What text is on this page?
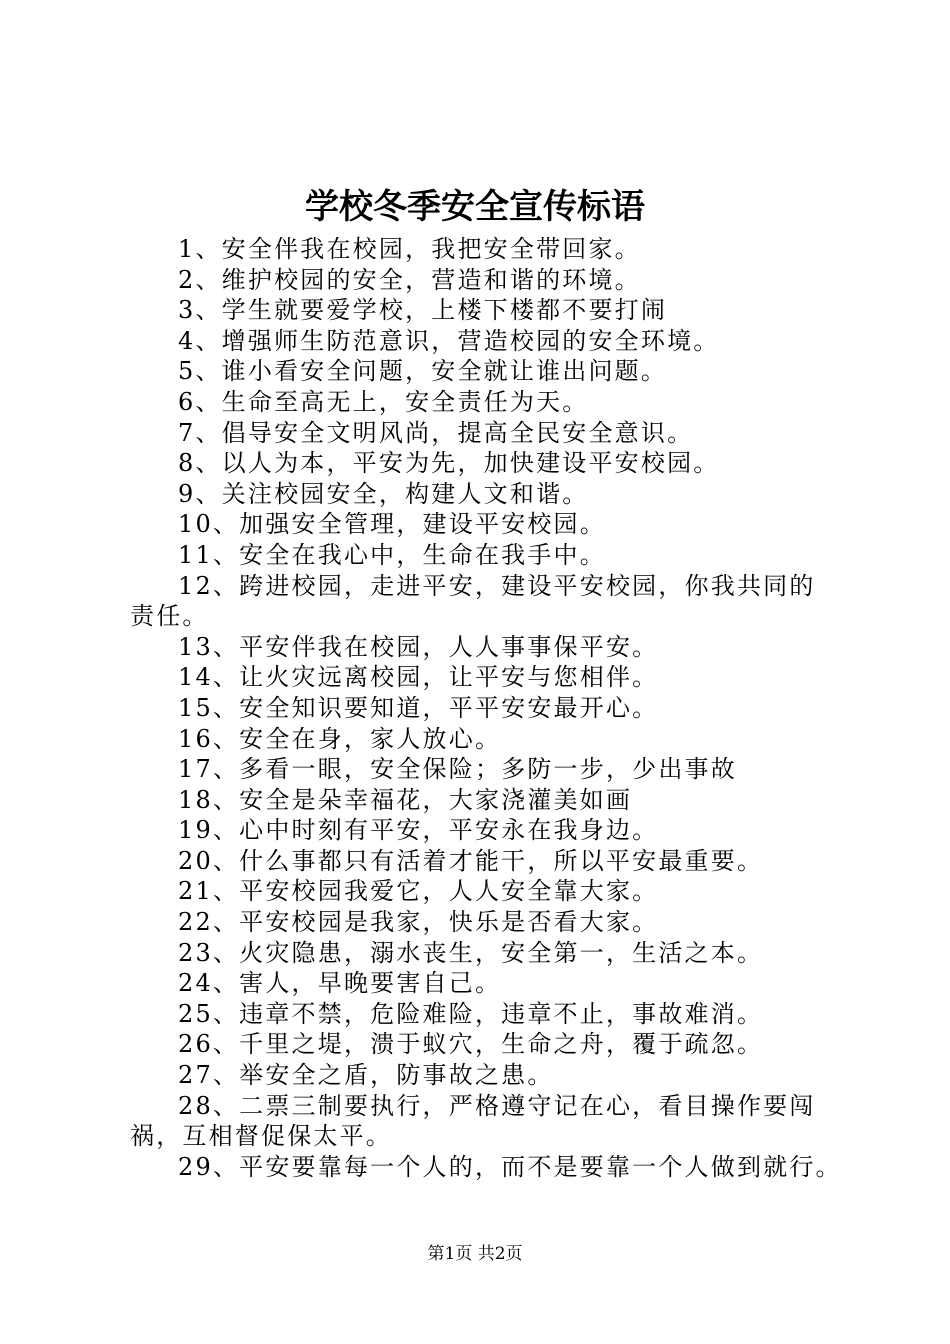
学校冬季安全宣传标语

1、安全伴我在校园，我把安全带回家。

2、维护校园的安全，营造和谐的环境。

3、学生就要爱学校，上楼下楼都不要打闹

4、增强师生防范意识，营造校园的安全环境。

5、谁小看安全问题，安全就让谁出问题。

6、生命至高无上，安全责任为天。

7、倡导安全文明风尚，提高全民安全意识。

8、以人为本，平安为先，加快建设平安校园。

9、关注校园安全，构建人文和谐。

10、加强安全管理，建设平安校园。

11、安全在我心中，生命在我手中。

12、跨进校园，走进平安，建设平安校园，你我共同的责任。

13、平安伴我在校园，人人事事保平安。

14、让火灾远离校园，让平安与您相伴。

15、安全知识要知道，平平安安最开心。

16、安全在身，家人放心。

17、多看一眼，安全保险；多防一步，少出事故

18、安全是朵幸福花，大家浇灌美如画

19、心中时刻有平安，平安永在我身边。

20、什么事都只有活着才能干，所以平安最重要。

21、平安校园我爱它，人人安全靠大家。

22、平安校园是我家，快乐是否看大家。

23、火灾隐患，溺水丧生，安全第一，生活之本。

24、害人，早晚要害自己。

25、违章不禁，危险难险，违章不止，事故难消。

26、千里之堤，溃于蚁穴，生命之舟，覆于疏忽。

27、举安全之盾，防事故之患。

28、二票三制要执行，严格遵守记在心，看目操作要闯祸，互相督促保太平。

29、平安要靠每一个人的，而不是要靠一个人做到就行。

第1页 共2页
